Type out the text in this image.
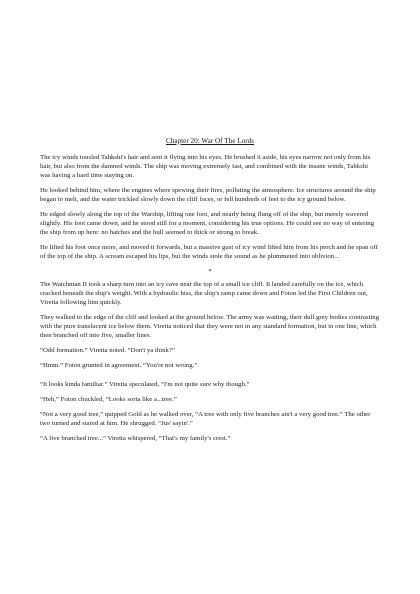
Chapter 20: War Of The Lords

The icy winds tousled Tahkshi's hair and sent it flying into his eyes. He brushed it aside, his eyes narrow not only from his hair, but also from the damned winds. The ship was moving extremely fast, and combined with the insane winds, Tahkshi was having a hard time staying on.

He looked behind him, where the engines where spewing their fires, polluting the atmosphere. Ice structures around the ship began to melt, and the water trickled slowly down the cliff faces, or fell hundreds of feet to the icy ground below.

He edged slowly along the top of the Warship, lifting one foot, and nearly being flung off of the ship, but merely wavered slightly. His foot came down, and he stood still for a moment, considering his true options. He could see no way of entering the ship from up here: no hatches and the hull seemed to thick or strong to break.

He lifted his foot once more, and moved it forwards, but a massive gust of icy wind lifted him from his perch and he span off of the top of the ship. A scream escaped his lips, but the winds stole the sound as he plummeted into oblivion...

*

The Watchman II took a sharp turn into an icy cave near the top of a small ice cliff. It landed carefully on the ice, which cracked beneath the ship's weight. With a hydraulic hiss, the ship's ramp came down and Foton led the First Children out, Viretta following him quickly.

They walked to the edge of the cliff and looked at the ground below. The army was waiting, their dull grey bodies contrasting with the pure translucent ice below them. Viretta noticed that they were not in any standard formation, but in one line, which then branched off into five, smaller lines.

“Odd formation.” Viretta noted. “Don't ya think?”

“Hmm.” Foton grunted in agreement. “You're not wrong.”

“It looks kinda familiar.” Viretta speculated, “I'm not quite sure why though.”

“Heh,” Foton chuckled, “Looks sorta like a...tree.”

“Not a very good tree,” quipped Gold as he walked over, “A tree with only five branches ain't a very good tree.” The other two turned and stared at him. He shrugged. “Jus' sayin'.”

“A five branched tree...” Viretta whispered, “That's my family's crest.”
